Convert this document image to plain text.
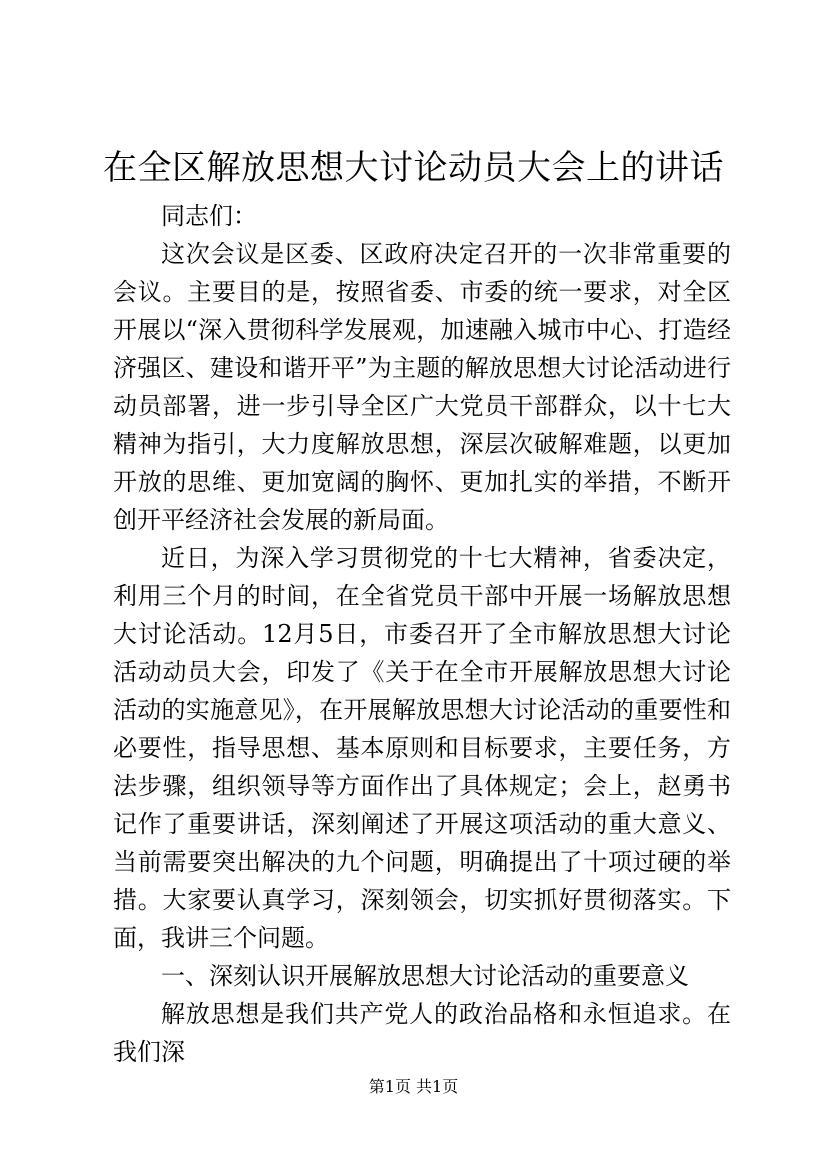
在全区解放思想大讨论动员大会上的讲话

同志们：

这次会议是区委、区政府决定召开的一次非常重要的会议。主要目的是，按照省委、市委的统一要求，对全区开展以“深入贯彻科学发展观，加速融入城市中心、打造经济强区、建设和谐开平”为主题的解放思想大讨论活动进行动员部署，进一步引导全区广大党员干部群众，以十七大精神为指引，大力度解放思想，深层次破解难题，以更加开放的思维、更加宽阔的胸怀、更加扎实的举措，不断开创开平经济社会发展的新局面。

近日，为深入学习贯彻党的十七大精神，省委决定，利用三个月的时间，在全省党员干部中开展一场解放思想大讨论活动。12月5日，市委召开了全市解放思想大讨论活动动员大会，印发了《关于在全市开展解放思想大讨论活动的实施意见》，在开展解放思想大讨论活动的重要性和必要性，指导思想、基本原则和目标要求，主要任务，方法步骤，组织领导等方面作出了具体规定；会上，赵勇书记作了重要讲话，深刻阐述了开展这项活动的重大意义、当前需要突出解决的九个问题，明确提出了十项过硬的举措。大家要认真学习，深刻领会，切实抓好贯彻落实。下面，我讲三个问题。

一、深刻认识开展解放思想大讨论活动的重要意义

解放思想是我们共产党人的政治品格和永恒追求。在我们深

第1页 共1页
